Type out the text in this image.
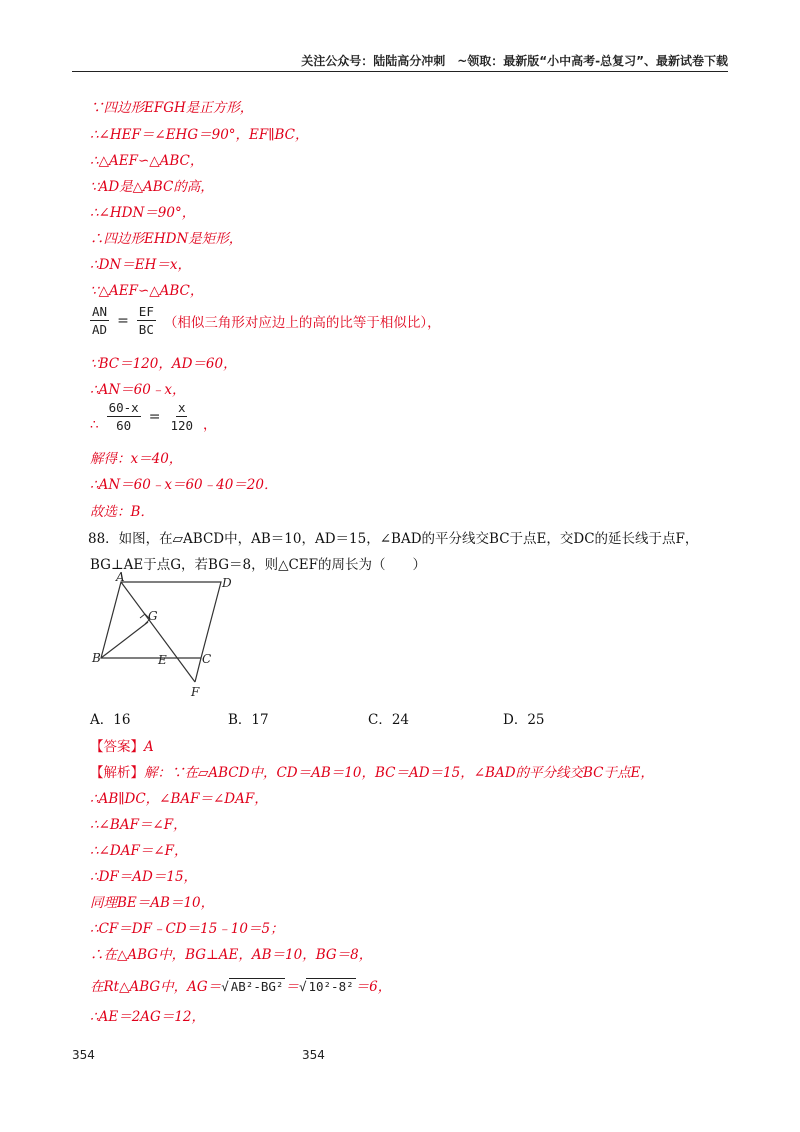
关注公众号：陆陆高分冲刺　~领取：最新版“小中高考-总复习”、最新试卷下载
∵四边形EFGH是正方形，
∴∠HEF＝∠EHG＝90°，EF∥BC，
∴△AEF∽△ABC，
∵AD是△ABC的高，
∴∠HDN＝90°，
∴四边形EHDN是矩形，
∴DN＝EH＝x，
∵△AEF∽△ABC，
$\frac{AN}{AD} = \frac{EF}{BC}$ （相似三角形对应边上的高的比等于相似比），
∵BC＝120，AD＝60，
∴AN＝60﹣x，
∴ $\frac{60-x}{60} = \frac{x}{120}$ ，
解得：x＝40，
∴AN＝60﹣x＝60﹣40＝20．
故选：B．
88．如图，在▱ABCD中，AB＝10，AD＝15，∠BAD的平分线交BC于点E，交DC的延长线于点F，
BG⊥AE于点G，若BG＝8，则△CEF的周长为（　　）
A	D
G
B	E	C
F
A．16	B．17	C．24	D．25
【答案】A
【解析】解：∵在▱ABCD中，CD＝AB＝10，BC＝AD＝15，∠BAD的平分线交BC于点E，
∴AB∥DC，∠BAF＝∠DAF，
∴∠BAF＝∠F，
∴∠DAF＝∠F，
∴DF＝AD＝15，
同理BE＝AB＝10，
∴CF＝DF﹣CD＝15﹣10＝5；
∴在△ABG中，BG⊥AE，AB＝10，BG＝8，
在Rt△ABG中，AG＝√ AB²-BG² ＝√ 10²-8² ＝6，
∴AE＝2AG＝12，
354	354
